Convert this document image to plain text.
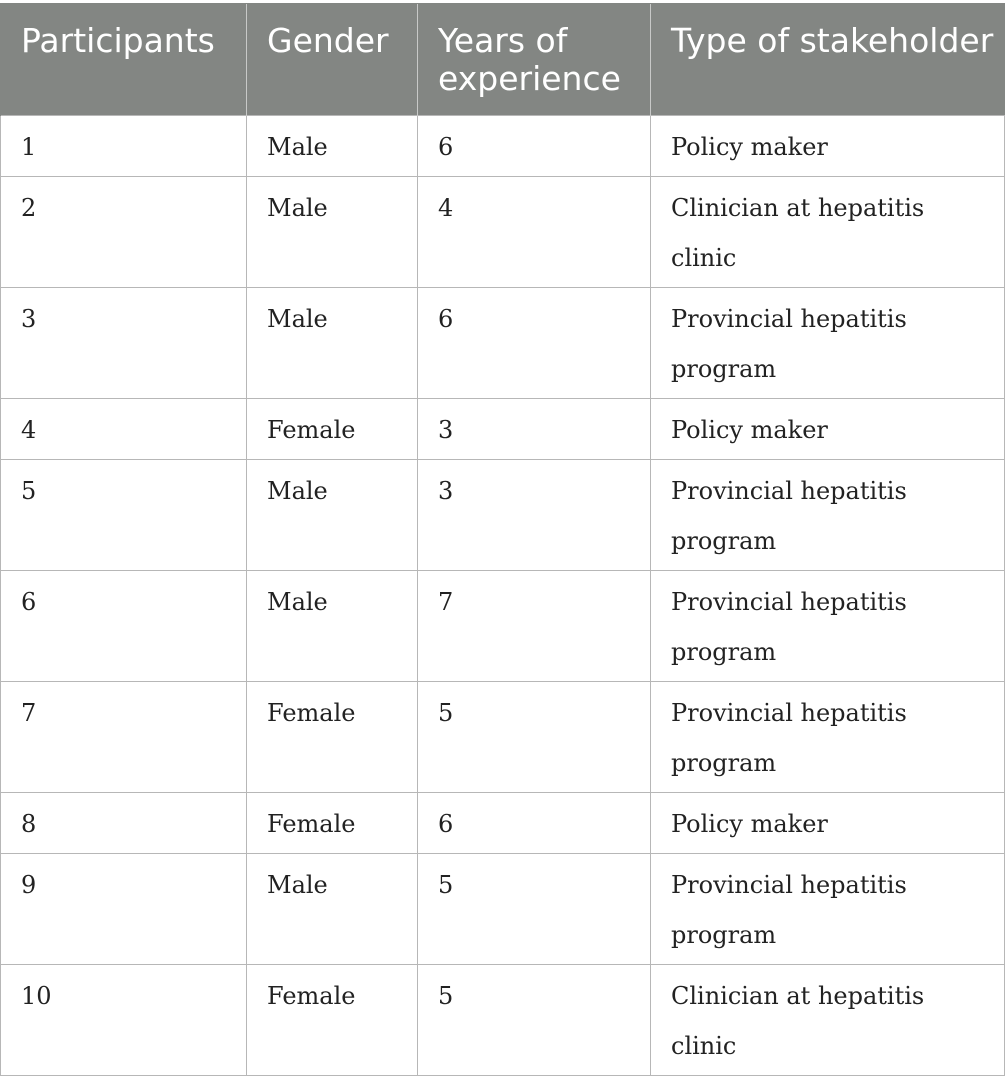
Participants	Gender	Years of experience	Type of stakeholder
1	Male	6	Policy maker
2	Male	4	Clinician at hepatitis clinic
3	Male	6	Provincial hepatitis program
4	Female	3	Policy maker
5	Male	3	Provincial hepatitis program
6	Male	7	Provincial hepatitis program
7	Female	5	Provincial hepatitis program
8	Female	6	Policy maker
9	Male	5	Provincial hepatitis program
10	Female	5	Clinician at hepatitis clinic
